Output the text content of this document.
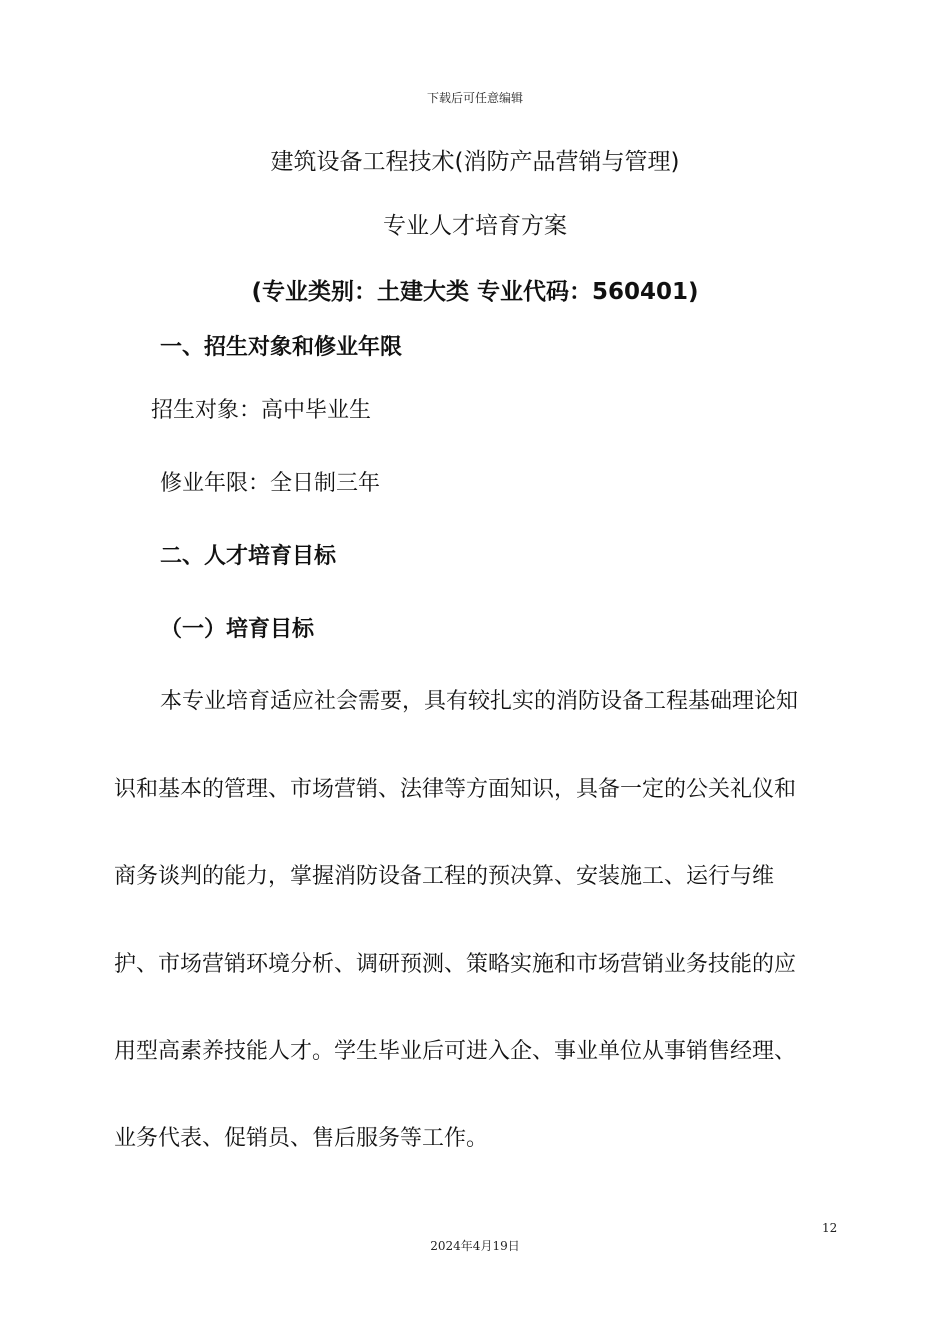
下载后可任意编辑
建筑设备工程技术(消防产品营销与管理)
专业人才培育方案
(专业类别：土建大类 专业代码：560401)
一、招生对象和修业年限
招生对象：高中毕业生
修业年限：全日制三年
二、人才培育目标
（一）培育目标
本专业培育适应社会需要，具有较扎实的消防设备工程基础理论知
识和基本的管理、市场营销、法律等方面知识，具备一定的公关礼仪和
商务谈判的能力，掌握消防设备工程的预决算、安装施工、运行与维
护、市场营销环境分析、调研预测、策略实施和市场营销业务技能的应
用型高素养技能人才。学生毕业后可进入企、事业单位从事销售经理、
业务代表、促销员、售后服务等工作。
12
2024年4月19日
